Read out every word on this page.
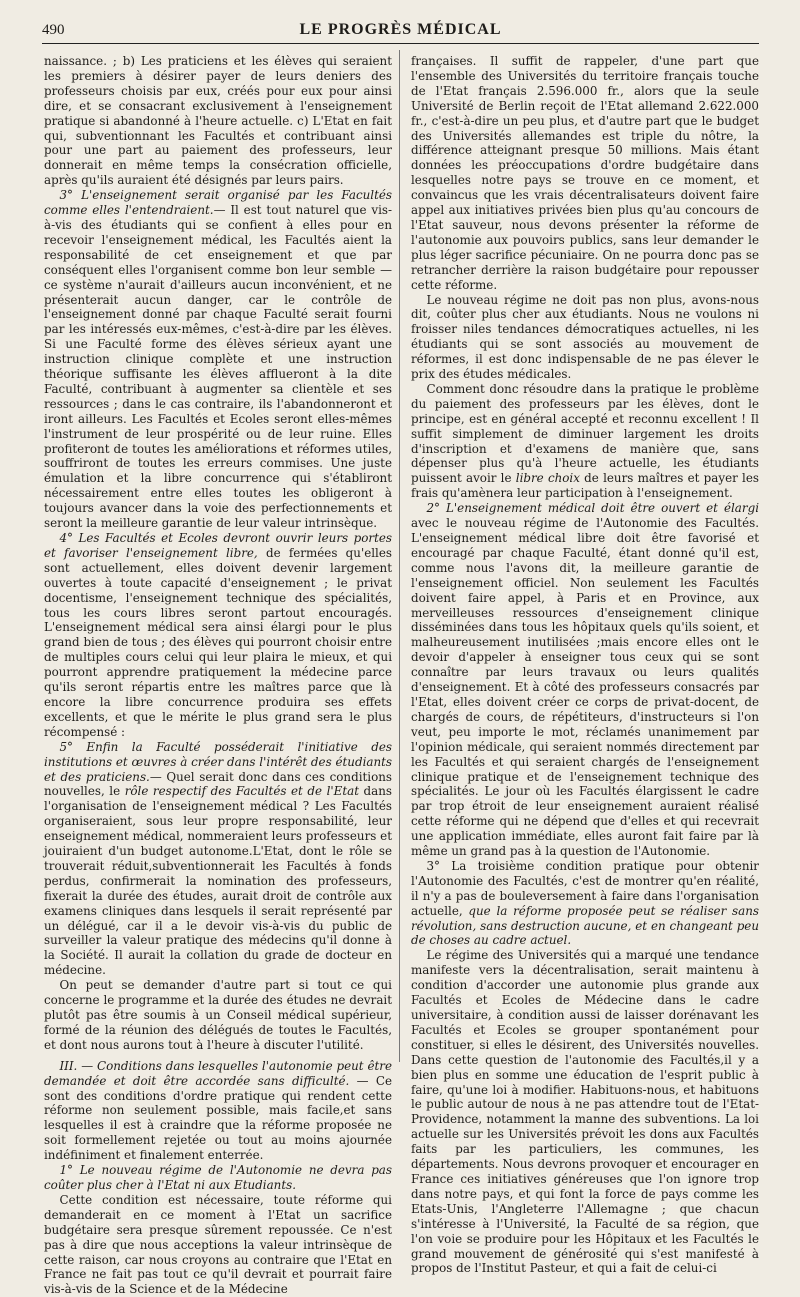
490	LE PROGRÈS MÉDICAL

naissance. ; b) Les praticiens et les élèves qui seraient les premiers à désirer payer de leurs deniers des professeurs choisis par eux, créés pour eux pour ainsi dire, et se consacrant exclusivement à l'enseignement pratique si abandonné à l'heure actuelle. c) L'Etat en fait qui, subventionnant les Facultés et contribuant ainsi pour une part au paiement des professeurs, leur donnerait en même temps la consécration officielle, après qu'ils auraient été désignés par leurs pairs.

3° L'enseignement serait organisé par les Facultés comme elles l'entendraient.— Il est tout naturel que vis-à-vis des étudiants qui se confient à elles pour en recevoir l'enseignement médical, les Facultés aient la responsabilité de cet enseignement et que par conséquent elles l'organisent comme bon leur semble — ce système n'aurait d'ailleurs aucun inconvénient, et ne présenterait aucun danger, car le contrôle de l'enseignement donné par chaque Faculté serait fourni par les intéressés eux-mêmes, c'est-à-dire par les élèves. Si une Faculté forme des élèves sérieux ayant une instruction clinique complète et une instruction théorique suffisante les élèves afflueront à la dite Faculté, contribuant à augmenter sa clientèle et ses ressources ; dans le cas contraire, ils l'abandonneront et iront ailleurs. Les Facultés et Ecoles seront elles-mêmes l'instrument de leur prospérité ou de leur ruine. Elles profiteront de toutes les améliorations et réformes utiles, souffriront de toutes les erreurs commises. Une juste émulation et la libre concurrence qui s'établiront nécessairement entre elles toutes les obligeront à toujours avancer dans la voie des perfectionnements et seront la meilleure garantie de leur valeur intrinsèque.

4° Les Facultés et Ecoles devront ouvrir leurs portes et favoriser l'enseignement libre, de fermées qu'elles sont actuellement, elles doivent devenir largement ouvertes à toute capacité d'enseignement ; le privat docentisme, l'enseignement technique des spécialités, tous les cours libres seront partout encouragés. L'enseignement médical sera ainsi élargi pour le plus grand bien de tous ; des élèves qui pourront choisir entre de multiples cours celui qui leur plaira le mieux, et qui pourront apprendre pratiquement la médecine parce qu'ils seront répartis entre les maîtres parce que là encore la libre concurrence produira ses effets excellents, et que le mérite le plus grand sera le plus récompensé :

5° Enfin la Faculté posséderait l'initiative des institutions et œuvres à créer dans l'intérêt des étudiants et des praticiens.— Quel serait donc dans ces conditions nouvelles, le rôle respectif des Facultés et de l'Etat dans l'organisation de l'enseignement médical ? Les Facultés organiseraient, sous leur propre responsabilité, leur enseignement médical, nommeraient leurs professeurs et jouiraient d'un budget autonome.L'Etat, dont le rôle se trouverait réduit,subventionnerait les Facultés à fonds perdus, confirmerait la nomination des professeurs, fixerait la durée des études, aurait droit de contrôle aux examens cliniques dans lesquels il serait représenté par un délégué, car il a le devoir vis-à-vis du public de surveiller la valeur pratique des médecins qu'il donne à la Société. Il aurait la collation du grade de docteur en médecine.

On peut se demander d'autre part si tout ce qui concerne le programme et la durée des études ne devrait plutôt pas être soumis à un Conseil médical supérieur, formé de la réunion des délégués de toutes le Facultés, et dont nous aurons tout à l'heure à discuter l'utilité.

III. — Conditions dans lesquelles l'autonomie peut être demandée et doit être accordée sans difficulté. — Ce sont des conditions d'ordre pratique qui rendent cette réforme non seulement possible, mais facile,et sans lesquelles il est à craindre que la réforme proposée ne soit formellement rejetée ou tout au moins ajournée indéfiniment et finalement enterrée.

1° Le nouveau régime de l'Autonomie ne devra pas coûter plus cher à l'Etat ni aux Etudiants.

Cette condition est nécessaire, toute réforme qui demanderait en ce moment à l'Etat un sacrifice budgétaire sera presque sûrement repoussée. Ce n'est pas à dire que nous acceptions la valeur intrinsèque de cette raison, car nous croyons au contraire que l'Etat en France ne fait pas tout ce qu'il devrait et pourrait faire vis-à-vis de la Science et de la Médecine

françaises. Il suffit de rappeler, d'une part que l'ensemble des Universités du territoire français touche de l'Etat français 2.596.000 fr., alors que la seule Université de Berlin reçoit de l'Etat allemand 2.622.000 fr., c'est-à-dire un peu plus, et d'autre part que le budget des Universités allemandes est triple du nôtre, la différence atteignant presque 50 millions. Mais étant données les préoccupations d'ordre budgétaire dans lesquelles notre pays se trouve en ce moment, et convaincus que les vrais décentralisateurs doivent faire appel aux initiatives privées bien plus qu'au concours de l'Etat sauveur, nous devons présenter la réforme de l'autonomie aux pouvoirs publics, sans leur demander le plus léger sacrifice pécuniaire. On ne pourra donc pas se retrancher derrière la raison budgétaire pour repousser cette réforme.

Le nouveau régime ne doit pas non plus, avons-nous dit, coûter plus cher aux étudiants. Nous ne voulons ni froisser niles tendances démocratiques actuelles, ni les étudiants qui se sont associés au mouvement de réformes, il est donc indispensable de ne pas élever le prix des études médicales.

Comment donc résoudre dans la pratique le problème du paiement des professeurs par les élèves, dont le principe, est en général accepté et reconnu excellent ! Il suffit simplement de diminuer largement les droits d'inscription et d'examens de manière que, sans dépenser plus qu'à l'heure actuelle, les étudiants puissent avoir le libre choix de leurs maîtres et payer les frais qu'amènera leur participation à l'enseignement.

2° L'enseignement médical doit être ouvert et élargi avec le nouveau régime de l'Autonomie des Facultés. L'enseignement médical libre doit être favorisé et encouragé par chaque Faculté, étant donné qu'il est, comme nous l'avons dit, la meilleure garantie de l'enseignement officiel. Non seulement les Facultés doivent faire appel, à Paris et en Province, aux merveilleuses ressources d'enseignement clinique disséminées dans tous les hôpitaux quels qu'ils soient, et malheureusement inutilisées ;mais encore elles ont le devoir d'appeler à enseigner tous ceux qui se sont connaître par leurs travaux ou leurs qualités d'enseignement. Et à côté des professeurs consacrés par l'Etat, elles doivent créer ce corps de privat-docent, de chargés de cours, de répétiteurs, d'instructeurs si l'on veut, peu importe le mot, réclamés unanimement par l'opinion médicale, qui seraient nommés directement par les Facultés et qui seraient chargés de l'enseignement clinique pratique et de l'enseignement technique des spécialités. Le jour où les Facultés élargissent le cadre par trop étroit de leur enseignement auraient réalisé cette réforme qui ne dépend que d'elles et qui recevrait une application immédiate, elles auront fait faire par là même un grand pas à la question de l'Autonomie.

3° La troisième condition pratique pour obtenir l'Autonomie des Facultés, c'est de montrer qu'en réalité, il n'y a pas de bouleversement à faire dans l'organisation actuelle, que la réforme proposée peut se réaliser sans révolution, sans destruction aucune, et en changeant peu de choses au cadre actuel.

Le régime des Universités qui a marqué une tendance manifeste vers la décentralisation, serait maintenu à condition d'accorder une autonomie plus grande aux Facultés et Ecoles de Médecine dans le cadre universitaire, à condition aussi de laisser dorénavant les Facultés et Ecoles se grouper spontanément pour constituer, si elles le désirent, des Universités nouvelles. Dans cette question de l'autonomie des Facultés,il y a bien plus en somme une éducation de l'esprit public à faire, qu'une loi à modifier. Habituons-nous, et habituons le public autour de nous à ne pas attendre tout de l'Etat-Providence, notamment la manne des subventions. La loi actuelle sur les Universités prévoit les dons aux Facultés faits par les particuliers, les communes, les départements. Nous devrons provoquer et encourager en France ces initiatives généreuses que l'on ignore trop dans notre pays, et qui font la force de pays comme les Etats-Unis, l'Angleterre l'Allemagne ; que chacun s'intéresse à l'Université, la Faculté de sa région, que l'on voie se produire pour les Hôpitaux et les Facultés le grand mouvement de générosité qui s'est manifesté à propos de l'Institut Pasteur, et qui a fait de celui-ci
